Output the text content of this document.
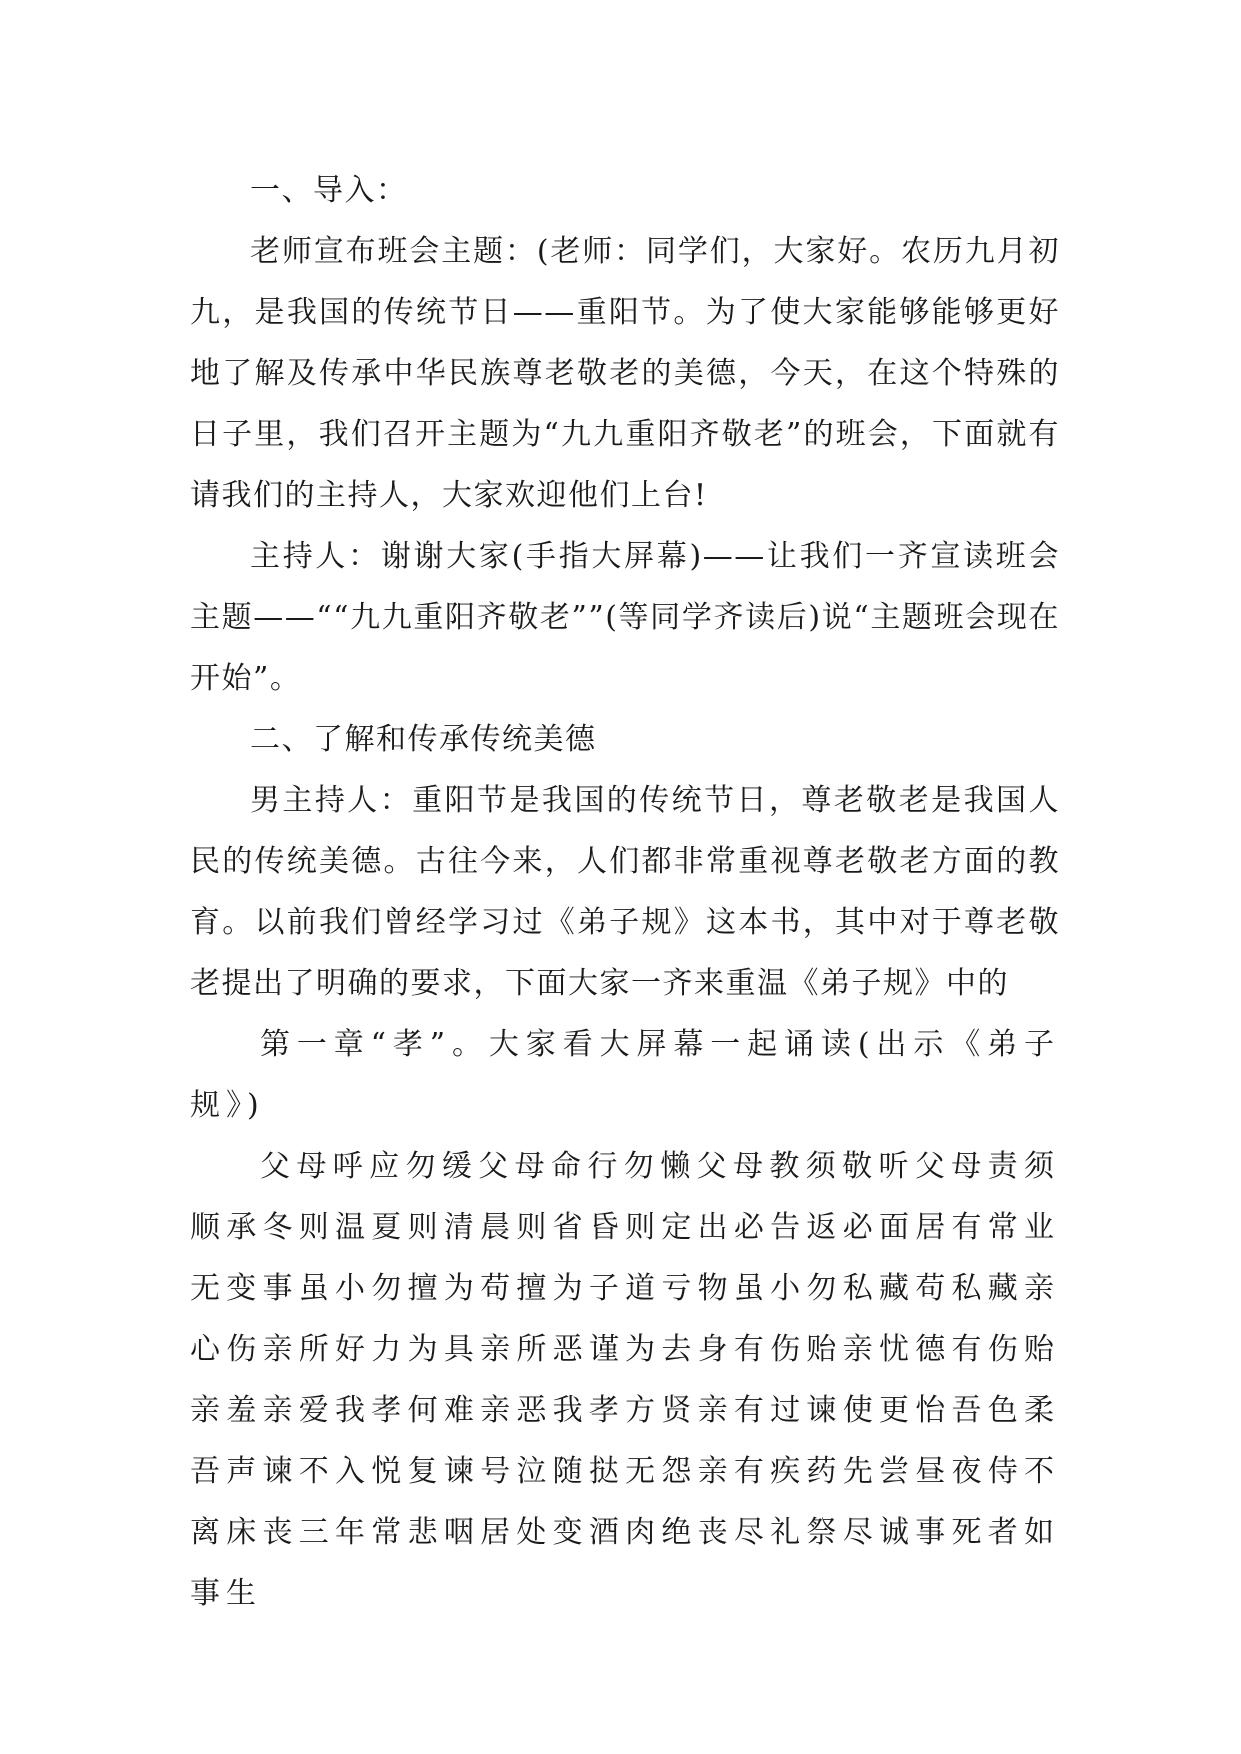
一、导入：

老师宣布班会主题：(老师：同学们，大家好。农历九月初九，是我国的传统节日——重阳节。为了使大家能够能够更好地了解及传承中华民族尊老敬老的美德，今天，在这个特殊的日子里，我们召开主题为“九九重阳齐敬老”的班会，下面就有请我们的主持人，大家欢迎他们上台!

主持人：谢谢大家(手指大屏幕)——让我们一齐宣读班会主题——““九九重阳齐敬老””(等同学齐读后)说“主题班会现在开始”。

二、了解和传承传统美德

男主持人：重阳节是我国的传统节日，尊老敬老是我国人民的传统美德。古往今来，人们都非常重视尊老敬老方面的教育。以前我们曾经学习过《弟子规》这本书，其中对于尊老敬老提出了明确的要求，下面大家一齐来重温《弟子规》中的

第一章“孝”。大家看大屏幕一起诵读(出示《弟子规》)

父母呼应勿缓父母命行勿懒父母教须敬听父母责须顺承冬则温夏则清晨则省昏则定出必告返必面居有常业无变事虽小勿擅为苟擅为子道亏物虽小勿私藏苟私藏亲心伤亲所好力为具亲所恶谨为去身有伤贻亲忧德有伤贻亲羞亲爱我孝何难亲恶我孝方贤亲有过谏使更怡吾色柔吾声谏不入悦复谏号泣随挞无怨亲有疾药先尝昼夜侍不离床丧三年常悲咽居处变酒肉绝丧尽礼祭尽诚事死者如事生
